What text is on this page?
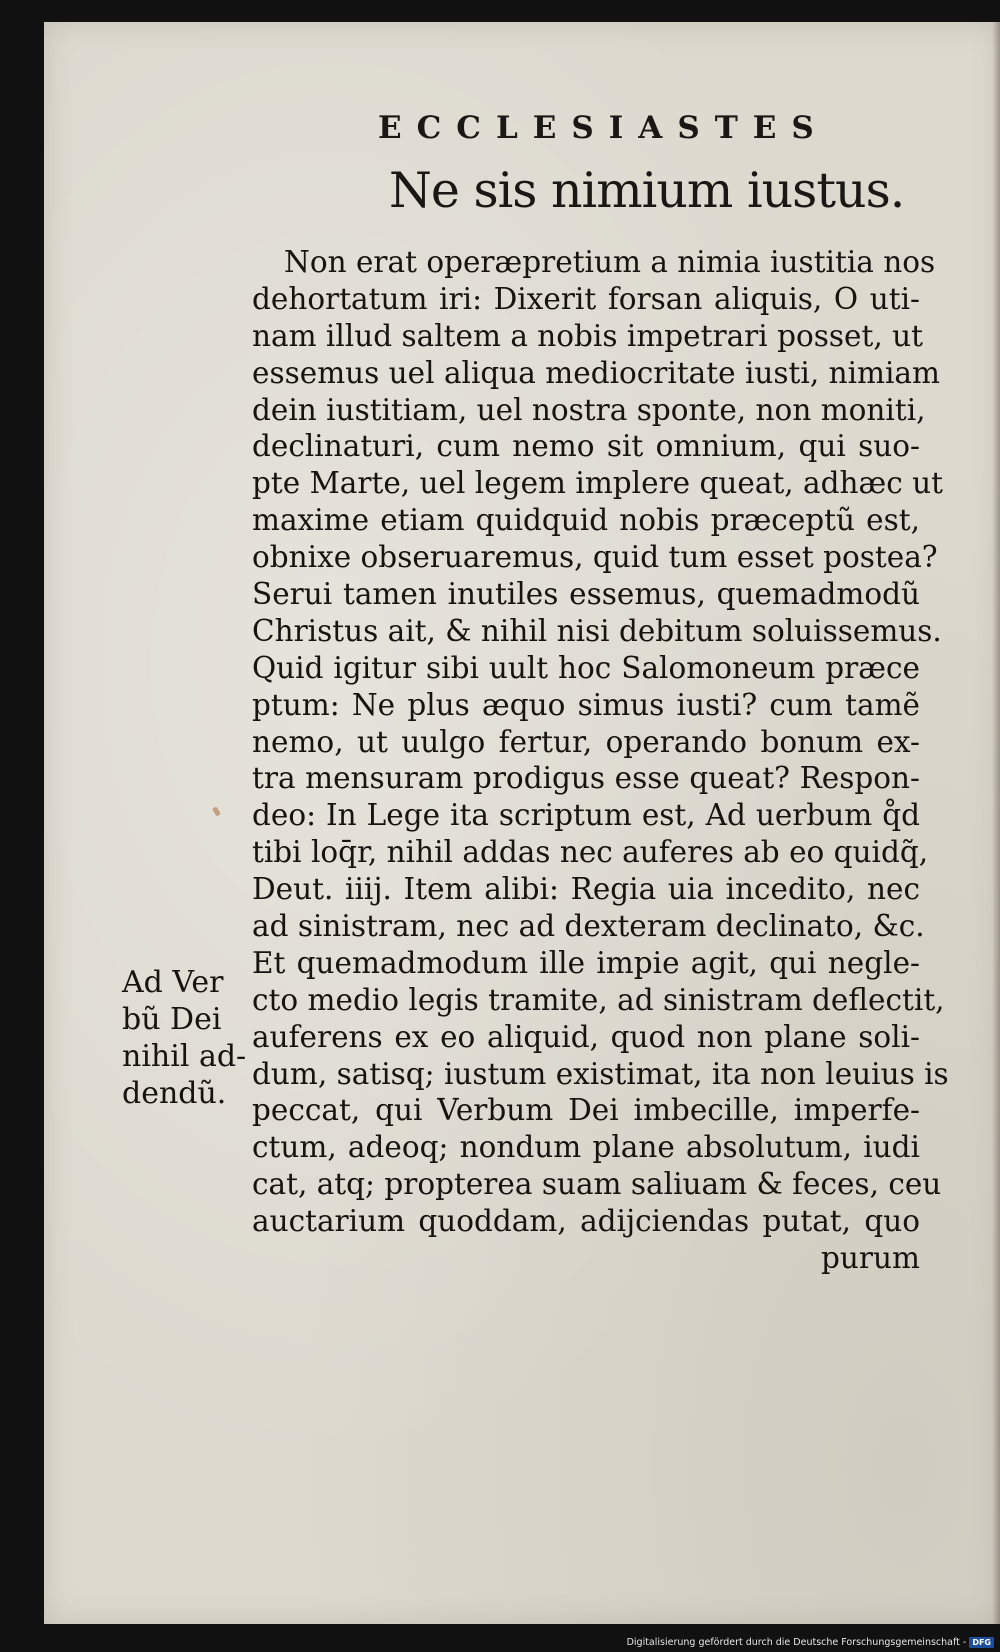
ECCLESIASTES
Ne sis nimium iustus.
Non erat operæpretium a nimia iustitia nos
dehortatum iri: Dixerit forsan aliquis, O uti-
nam illud saltem a nobis impetrari posset, ut
essemus uel aliqua mediocritate iusti, nimiam
dein iustitiam, uel nostra sponte, non moniti,
declinaturi, cum nemo sit omnium, qui suo-
pte Marte, uel legem implere queat, adhæc ut
maxime etiam quidquid nobis præceptũ est,
obnixe obseruaremus, quid tum esset postea?
Serui tamen inutiles essemus, quemadmodũ
Christus ait, & nihil nisi debitum soluissemus.
Quid igitur sibi uult hoc Salomoneum præce
ptum: Ne plus æquo simus iusti? cum tamẽ
nemo, ut uulgo fertur, operando bonum ex-
tra mensuram prodigus esse queat? Respon-
deo: In Lege ita scriptum est, Ad uerbum q̊d
tibi loq̄r, nihil addas nec auferes ab eo quidq̃,
Deut. iiij. Item alibi: Regia uia incedito, nec
ad sinistram, nec ad dexteram declinato, &c.
Et quemadmodum ille impie agit, qui negle-
cto medio legis tramite, ad sinistram deflectit,
auferens ex eo aliquid, quod non plane soli-
dum, satisq; iustum existimat, ita non leuius is
peccat, qui Verbum Dei imbecille, imperfe-
ctum, adeoq; nondum plane absolutum, iudi
cat, atq; propterea suam saliuam & feces, ceu
auctarium quoddam, adijciendas putat, quo
purum
Ad Ver
bũ Dei
nihil ad-
dendũ.
Digitalisierung gefördert durch die Deutsche Forschungsgemeinschaft - DFG
